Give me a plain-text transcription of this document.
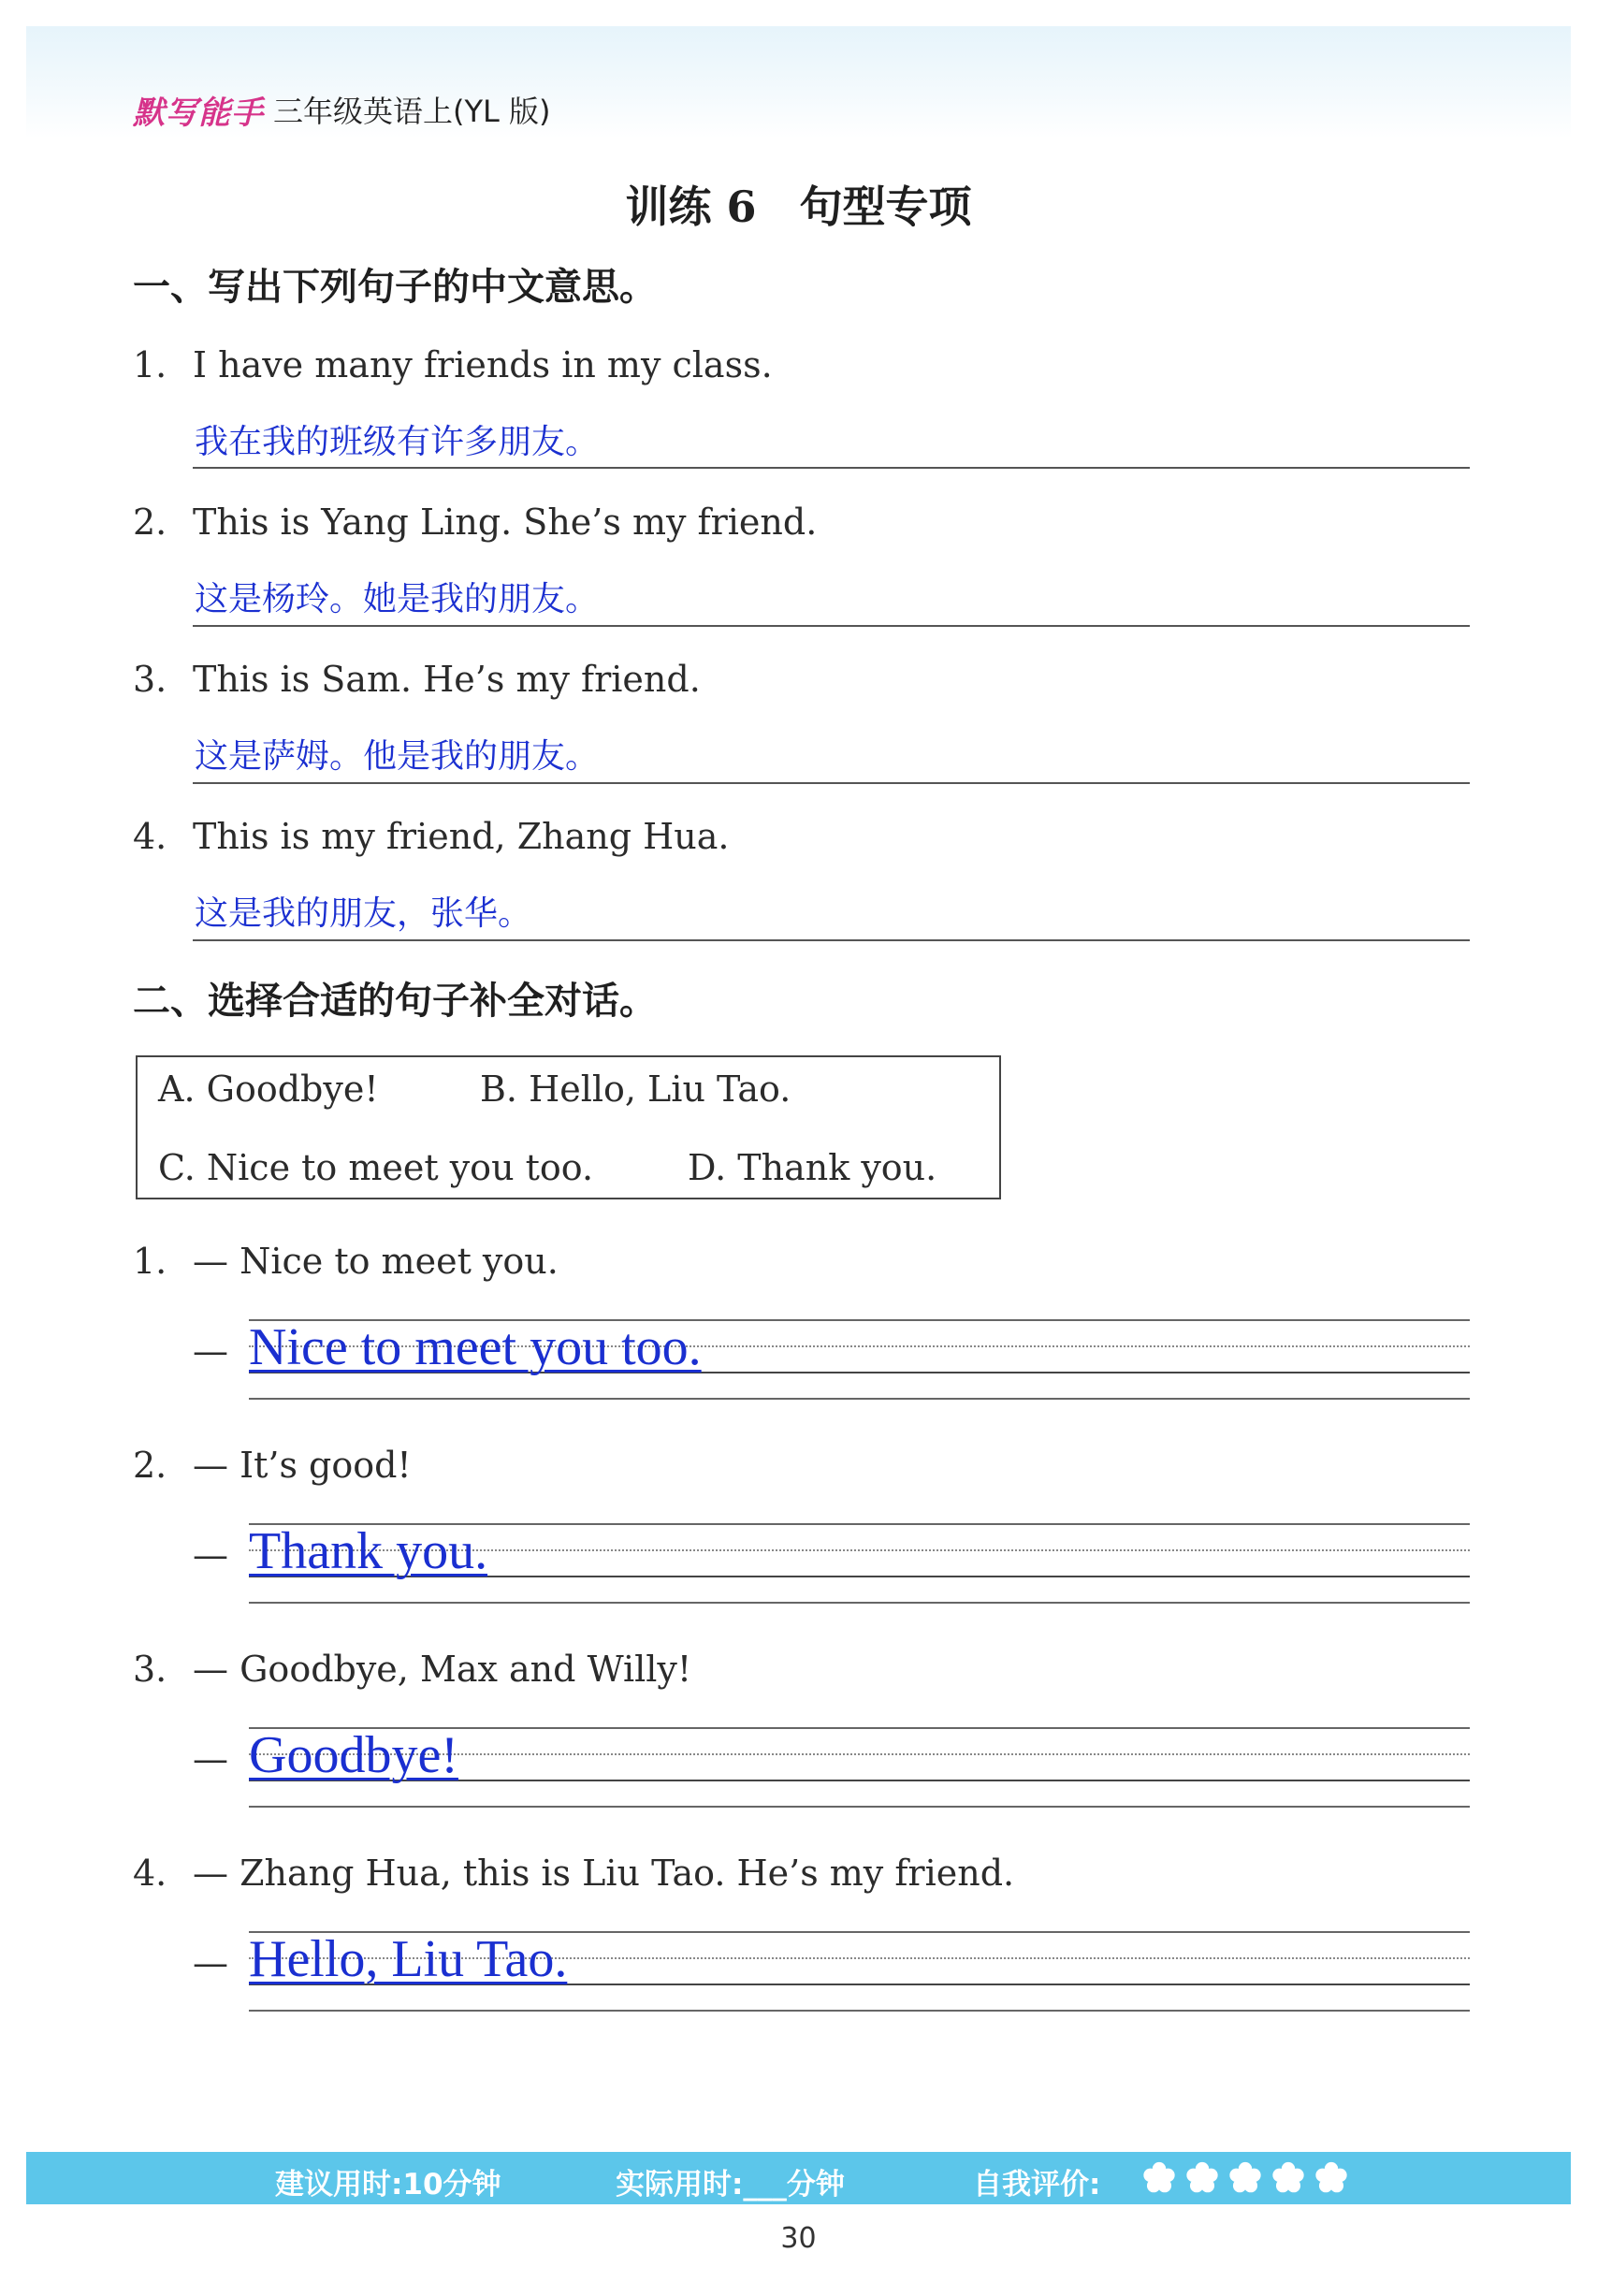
默写能手 三年级英语上(YL 版)
训练 6　句型专项
一、写出下列句子的中文意思。
1. I have many friends in my class.
我在我的班级有许多朋友。
2. This is Yang Ling. She’s my friend.
这是杨玲。她是我的朋友。
3. This is Sam. He’s my friend.
这是萨姆。他是我的朋友。
4. This is my friend, Zhang Hua.
这是我的朋友，张华。
二、选择合适的句子补全对话。
A. Goodbye!	B. Hello, Liu Tao.
C. Nice to meet you too.	D. Thank you.
1. — Nice to meet you.
— Nice to meet you too.
2. — It’s good!
— Thank you.
3. — Goodbye, Max and Willy!
— Goodbye!
4. — Zhang Hua, this is Liu Tao. He’s my friend.
— Hello, Liu Tao.
建议用时:10分钟	实际用时:___分钟	自我评价:
30
